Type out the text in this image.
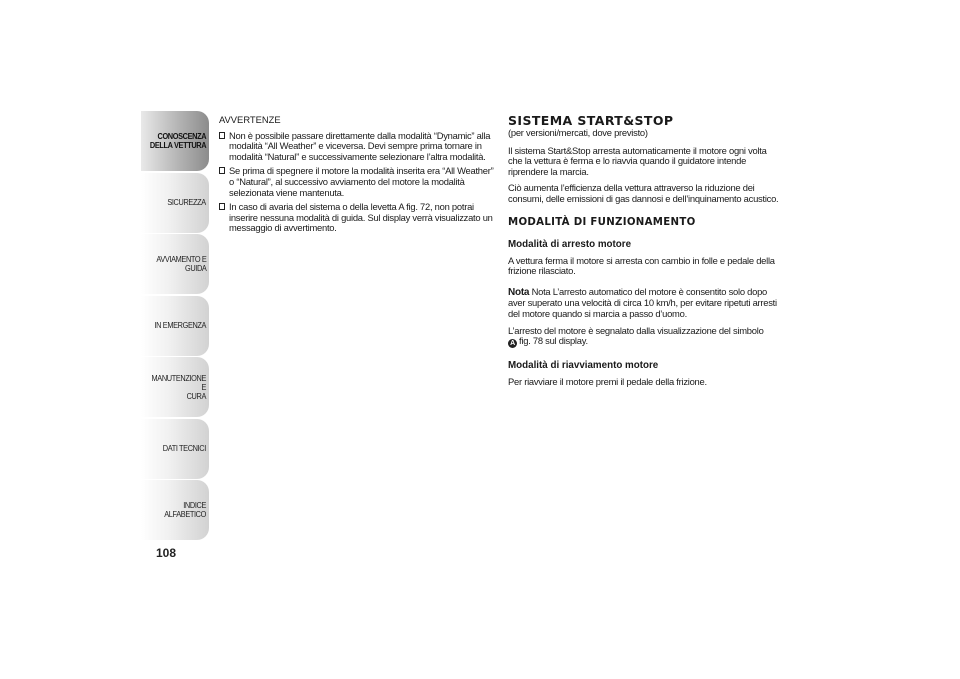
CONOSCENZA
DELLA VETTURA
SICUREZZA
AVVIAMENTO E
GUIDA
IN EMERGENZA
MANUTENZIONE E
CURA
DATI TECNICI
INDICE ALFABETICO
108
AVVERTENZE
Non è possibile passare direttamente dalla modalità “Dynamic” alla modalità “All Weather” e viceversa. Devi sempre prima tornare in modalità “Natural” e successivamente selezionare l’altra modalità.
Se prima di spegnere il motore la modalità inserita era “All Weather” o “Natural”, al successivo avviamento del motore la modalità selezionata viene mantenuta.
In caso di avaria del sistema o della levetta A fig. 72, non potrai inserire nessuna modalità di guida. Sul display verrà visualizzato un messaggio di avvertimento.
SISTEMA START&STOP
(per versioni/mercati, dove previsto)

Il sistema Start&Stop arresta automaticamente il motore ogni volta che la vettura è ferma e lo riavvia quando il guidatore intende riprendere la marcia.

Ciò aumenta l’efficienza della vettura attraverso la riduzione dei consumi, delle emissioni di gas dannosi e dell’inquinamento acustico.

MODALITÀ DI FUNZIONAMENTO
Modalità di arresto motore

A vettura ferma il motore si arresta con cambio in folle e pedale della frizione rilasciato.

Nota Nota L’arresto automatico del motore è consentito solo dopo aver superato una velocità di circa 10 km/h, per evitare ripetuti arresti del motore quando si marcia a passo d’uomo.

L’arresto del motore è segnalato dalla visualizzazione del simbolo
A fig. 78 sul display.

Modalità di riavviamento motore

Per riavviare il motore premi il pedale della frizione.
